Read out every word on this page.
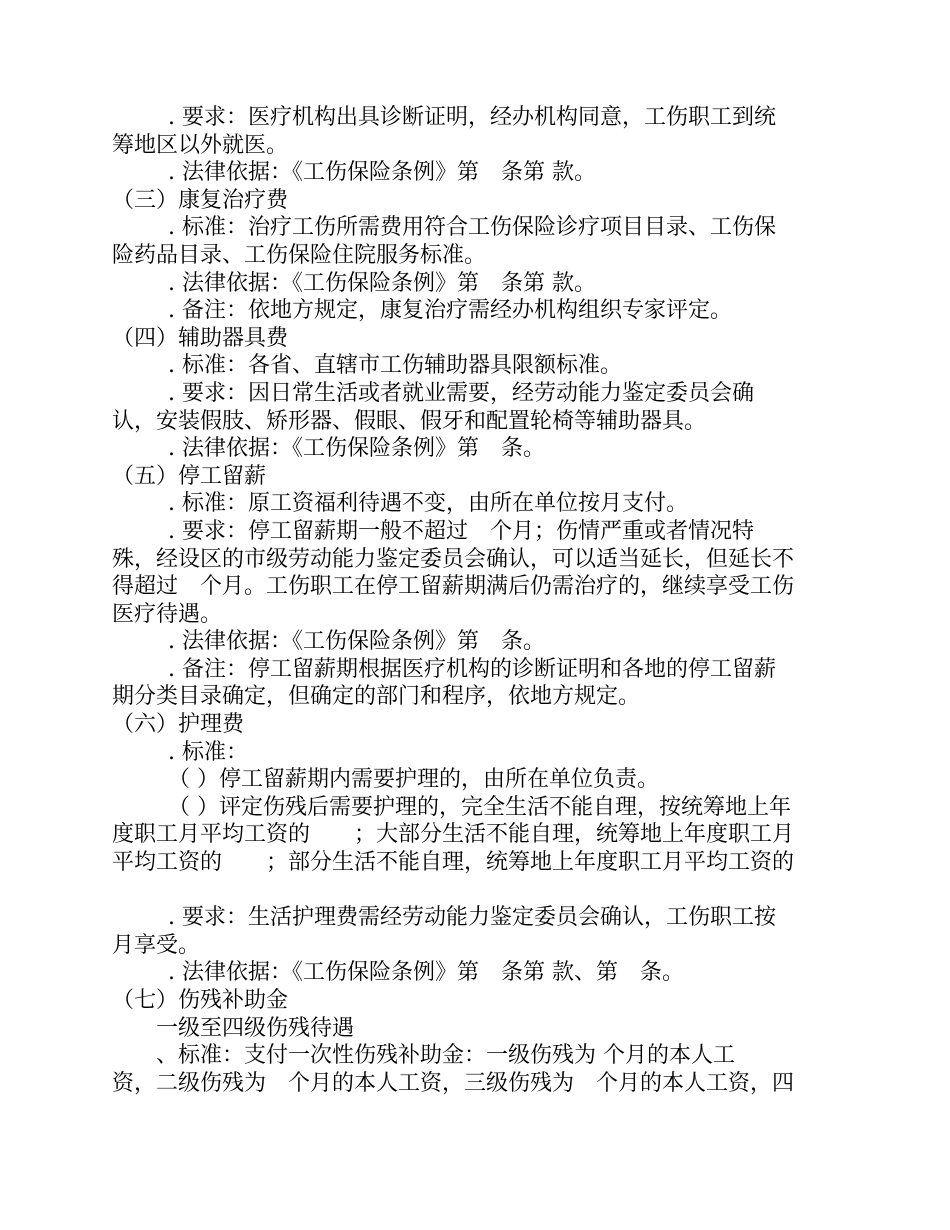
. 要求：医疗机构出具诊断证明，经办机构同意，工伤职工到统
筹地区以外就医。
. 法律依据：《工伤保险条例》第　条第 款。
（三）康复治疗费
. 标准：治疗工伤所需费用符合工伤保险诊疗项目目录、工伤保
险药品目录、工伤保险住院服务标准。
. 法律依据：《工伤保险条例》第　条第 款。
. 备注：依地方规定，康复治疗需经办机构组织专家评定。
（四）辅助器具费
. 标准：各省、直辖市工伤辅助器具限额标准。
. 要求：因日常生活或者就业需要，经劳动能力鉴定委员会确
认，安装假肢、矫形器、假眼、假牙和配置轮椅等辅助器具。
. 法律依据：《工伤保险条例》第　条。
（五）停工留薪
. 标准：原工资福利待遇不变，由所在单位按月支付。
. 要求：停工留薪期一般不超过　个月；伤情严重或者情况特
殊，经设区的市级劳动能力鉴定委员会确认，可以适当延长，但延长不
得超过　个月。工伤职工在停工留薪期满后仍需治疗的，继续享受工伤
医疗待遇。
. 法律依据：《工伤保险条例》第　条。
. 备注：停工留薪期根据医疗机构的诊断证明和各地的停工留薪
期分类目录确定，但确定的部门和程序，依地方规定。
（六）护理费
. 标准：
（ ）停工留薪期内需要护理的，由所在单位负责。
（ ）评定伤残后需要护理的，完全生活不能自理，按统筹地上年
度职工月平均工资的　　；大部分生活不能自理，统筹地上年度职工月
平均工资的　　；部分生活不能自理，统筹地上年度职工月平均工资的
. 要求：生活护理费需经劳动能力鉴定委员会确认，工伤职工按
月享受。
. 法律依据：《工伤保险条例》第　条第 款、第　条。
（七）伤残补助金
一级至四级伤残待遇
、标准：支付一次性伤残补助金：一级伤残为 个月的本人工
资，二级伤残为　个月的本人工资，三级伤残为　个月的本人工资，四
